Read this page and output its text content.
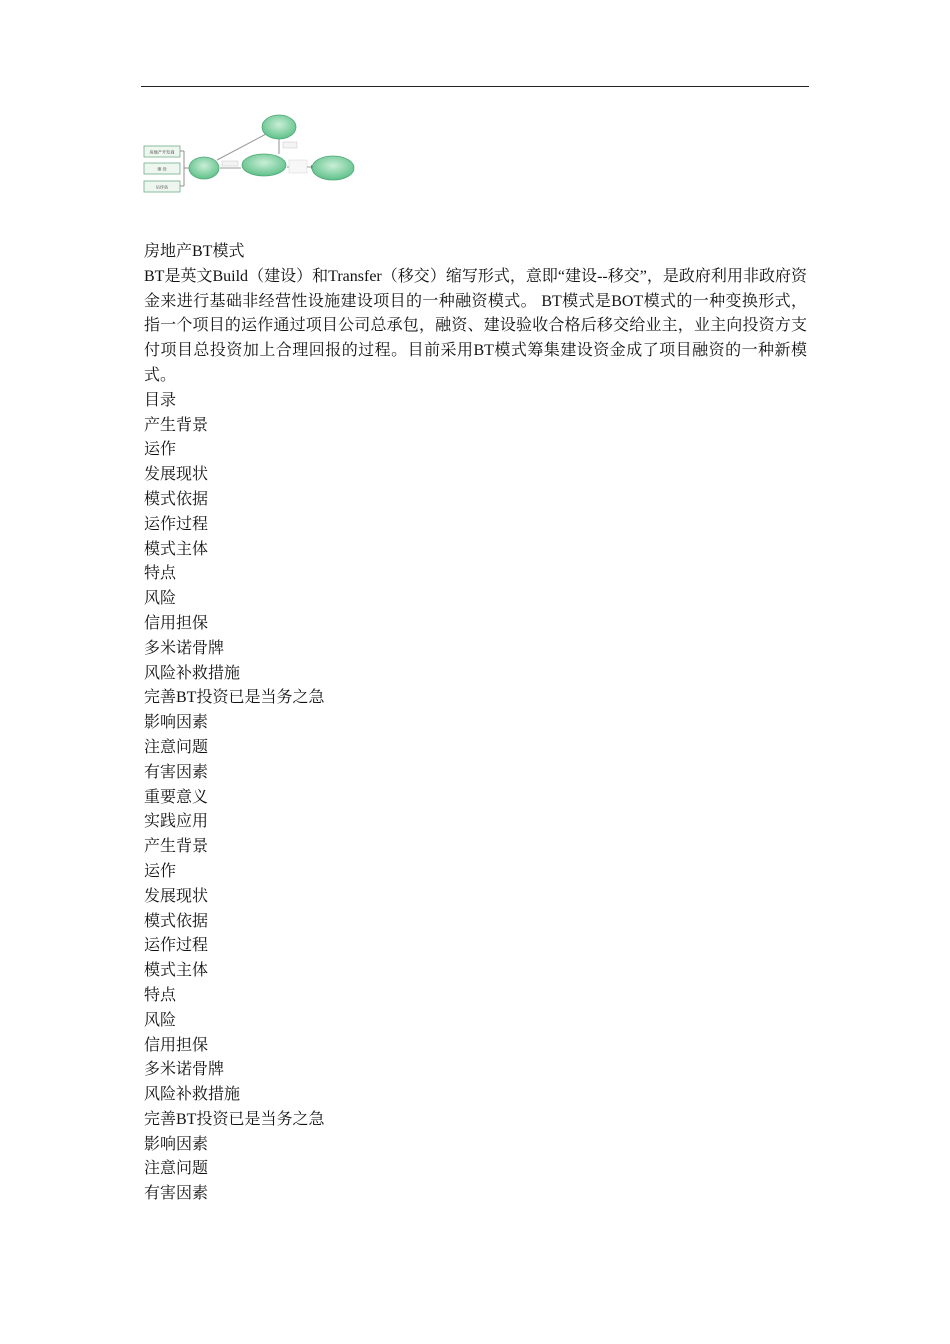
房地产开发商
建 设
后评估

房地产BT模式

BT是英文Build（建设）和Transfer（移交）缩写形式，意即“建设--移交”，是政府利用非政府资金来进行基础非经营性设施建设项目的一种融资模式。 BT模式是BOT模式的一种变换形式，指一个项目的运作通过项目公司总承包，融资、建设验收合格后移交给业主，业主向投资方支付项目总投资加上合理回报的过程。目前采用BT模式筹集建设资金成了项目融资的一种新模式。

目录

产生背景
运作
发展现状
模式依据
运作过程
模式主体
特点
风险
信用担保
多米诺骨牌
风险补救措施
完善BT投资已是当务之急
影响因素
注意问题
有害因素
重要意义
实践应用
产生背景
运作
发展现状
模式依据
运作过程
模式主体
特点
风险
信用担保
多米诺骨牌
风险补救措施
完善BT投资已是当务之急
影响因素
注意问题
有害因素
